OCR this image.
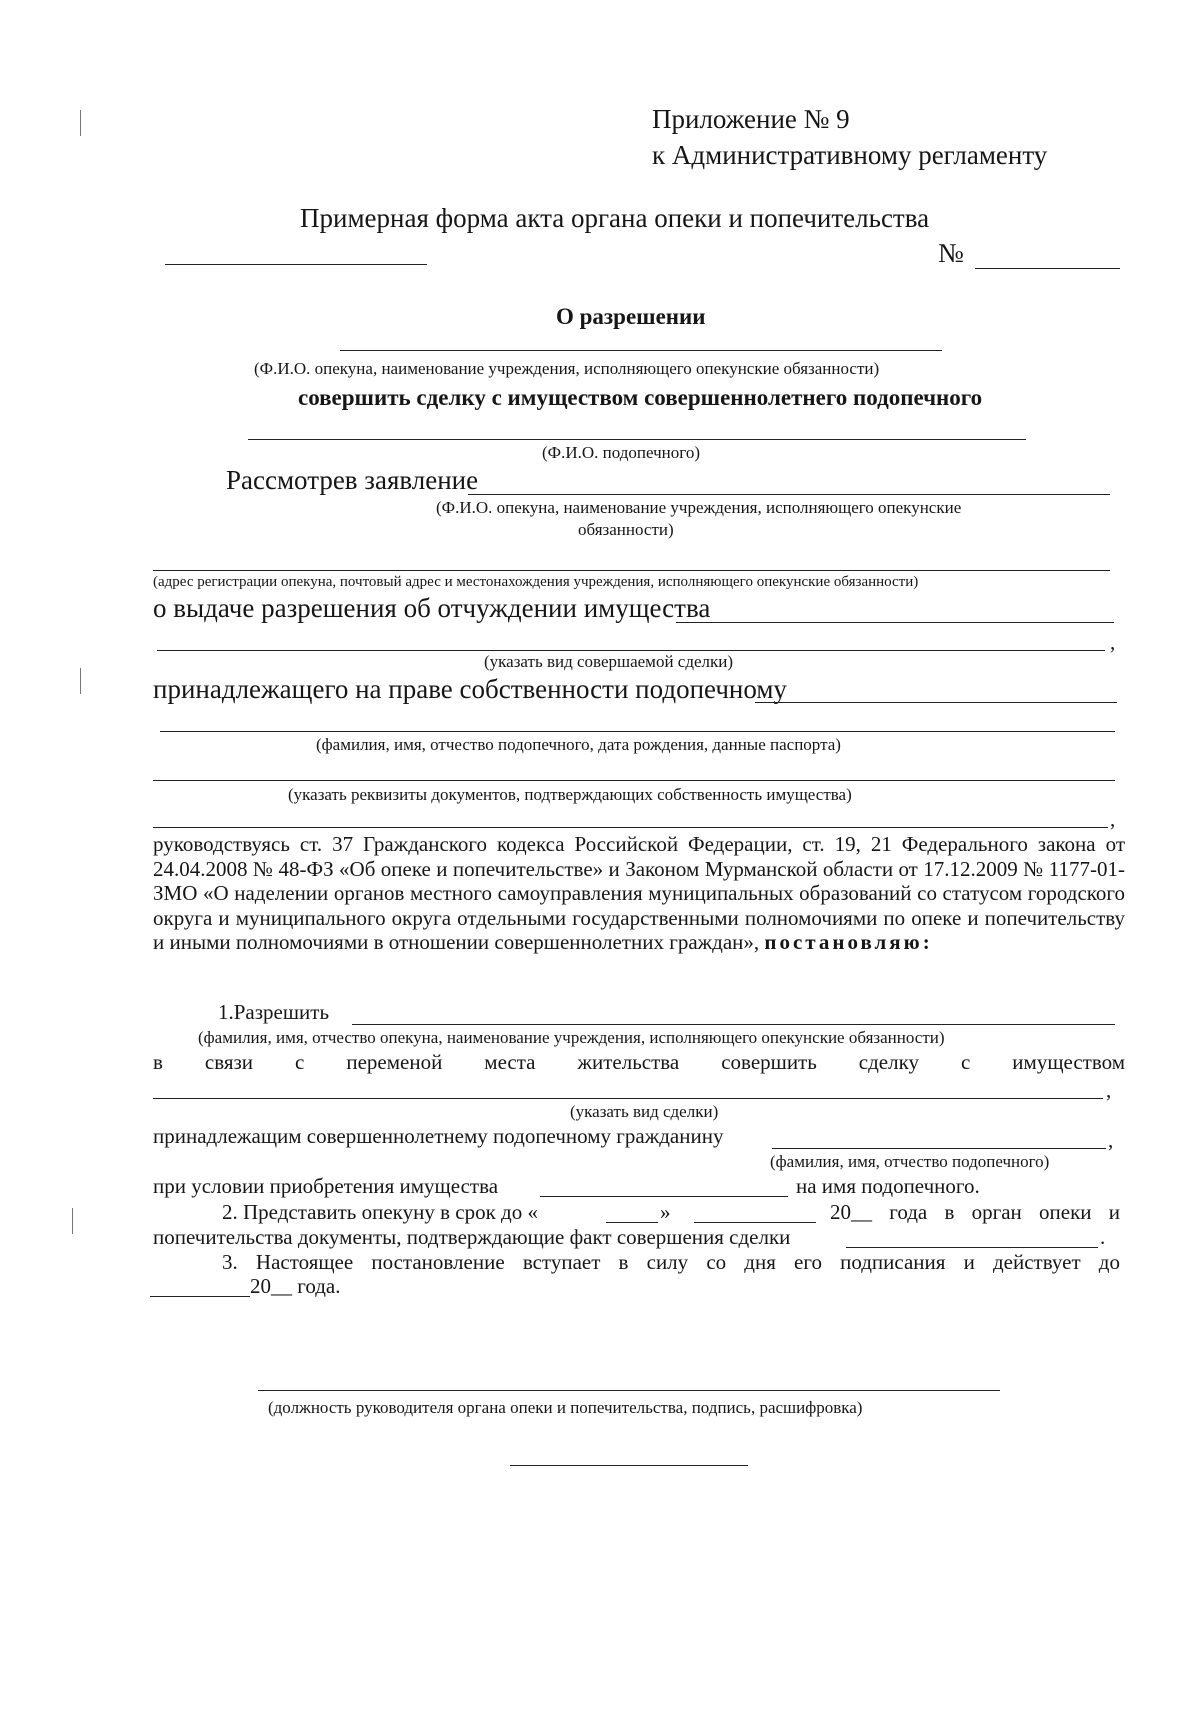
Приложение № 9
к Административному регламенту
Примерная форма акта органа опеки и попечительства
№
О разрешении
(Ф.И.О. опекуна, наименование учреждения, исполняющего опекунские обязанности)
совершить сделку с имуществом совершеннолетнего подопечного
(Ф.И.О. подопечного)
Рассмотрев заявление
(Ф.И.О. опекуна, наименование учреждения, исполняющего опекунские
обязанности)
(адрес регистрации опекуна, почтовый адрес и местонахождения учреждения, исполняющего опекунские обязанности)
о выдаче разрешения об отчуждении имущества
,
(указать вид совершаемой сделки)
принадлежащего на праве собственности подопечному
(фамилия, имя, отчество подопечного, дата рождения, данные паспорта)
(указать реквизиты документов, подтверждающих собственность имущества)
,
руководствуясь ст. 37 Гражданского кодекса Российской Федерации, ст. 19, 21 Федерального закона от 24.04.2008 № 48-ФЗ «Об опеке и попечительстве» и Законом Мурманской области от 17.12.2009 № 1177-01-ЗМО «О наделении органов местного самоуправления муниципальных образований со статусом городского округа и муниципального округа отдельными государственными полномочиями по опеке и попечительству и иными полномочиями в отношении совершеннолетних граждан», постановляю:
1.Разрешить
(фамилия, имя, отчество опекуна, наименование учреждения, исполняющего опекунские обязанности)
в связи с переменой места жительства совершить сделку с имуществом
,
(указать вид сделки)
принадлежащим совершеннолетнему подопечному гражданину	,
(фамилия, имя, отчество подопечного)
при условии приобретения имущества	на имя подопечного.
2. Представить опекуну в срок до «	»	20__ года в орган опеки и
попечительства документы, подтверждающие факт совершения сделки	.
3. Настоящее постановление вступает в силу со дня его подписания и действует до
20__ года.
(должность руководителя органа опеки и попечительства, подпись, расшифровка)
